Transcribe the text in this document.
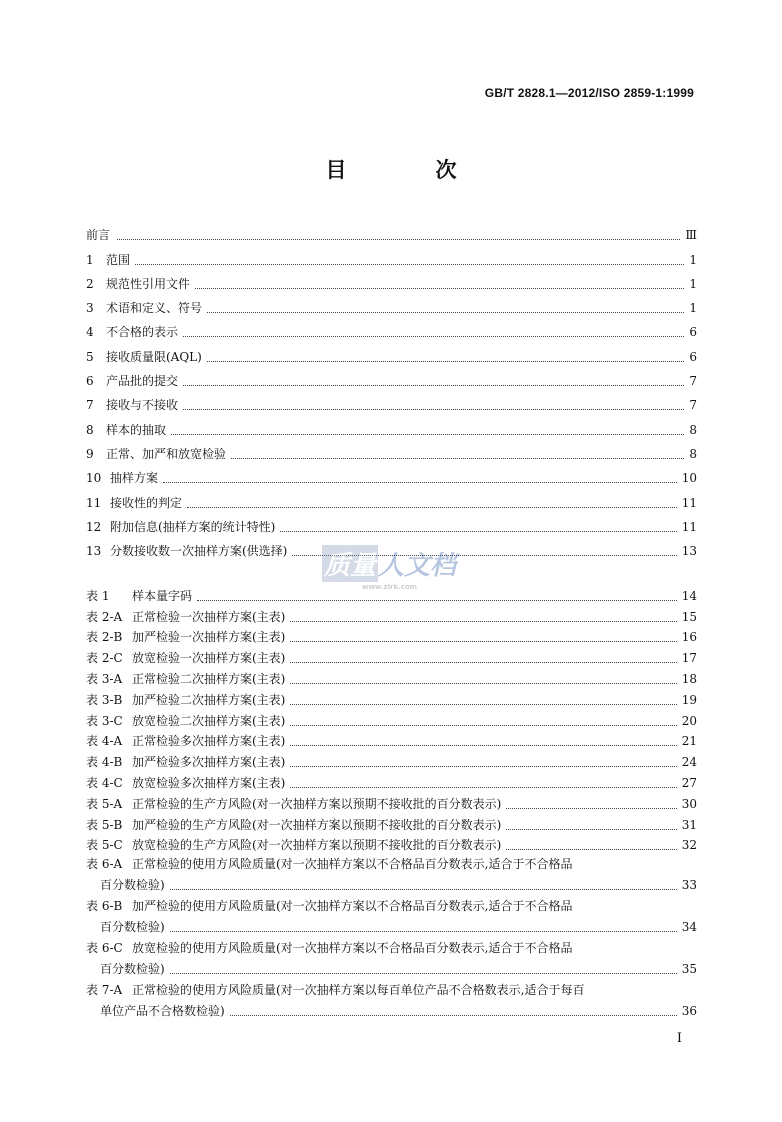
GB/T 2828.1—2012/ISO 2859-1:1999
目　次
前言	Ⅲ
1	范围	1
2	规范性引用文件	1
3	术语和定义、符号	1
4	不合格的表示	6
5	接收质量限(AQL)	6
6	产品批的提交	7
7	接收与不接收	7
8	样本的抽取	8
9	正常、加严和放宽检验	8
10 抽样方案	10
11 接收性的判定	11
12 附加信息(抽样方案的统计特性)	11
13 分数接收数一次抽样方案(供选择)	13
表 1	样本量字码	14
表 2-A 正常检验一次抽样方案(主表)	15
表 2-B 加严检验一次抽样方案(主表)	16
表 2-C 放宽检验一次抽样方案(主表)	17
表 3-A 正常检验二次抽样方案(主表)	18
表 3-B 加严检验二次抽样方案(主表)	19
表 3-C 放宽检验二次抽样方案(主表)	20
表 4-A 正常检验多次抽样方案(主表)	21
表 4-B 加严检验多次抽样方案(主表)	24
表 4-C 放宽检验多次抽样方案(主表)	27
表 5-A 正常检验的生产方风险(对一次抽样方案以预期不接收批的百分数表示)	30
表 5-B 加严检验的生产方风险(对一次抽样方案以预期不接收批的百分数表示)	31
表 5-C 放宽检验的生产方风险(对一次抽样方案以预期不接收批的百分数表示)	32
表 6-A 正常检验的使用方风险质量(对一次抽样方案以不合格品百分数表示,适合于不合格品
百分数检验)	33
表 6-B 加严检验的使用方风险质量(对一次抽样方案以不合格品百分数表示,适合于不合格品
百分数检验)	34
表 6-C 放宽检验的使用方风险质量(对一次抽样方案以不合格品百分数表示,适合于不合格品
百分数检验)	35
表 7-A 正常检验的使用方风险质量(对一次抽样方案以每百单位产品不合格数表示,适合于每百
单位产品不合格数检验)	36
质量 人文档
www.zlrk.com
I
